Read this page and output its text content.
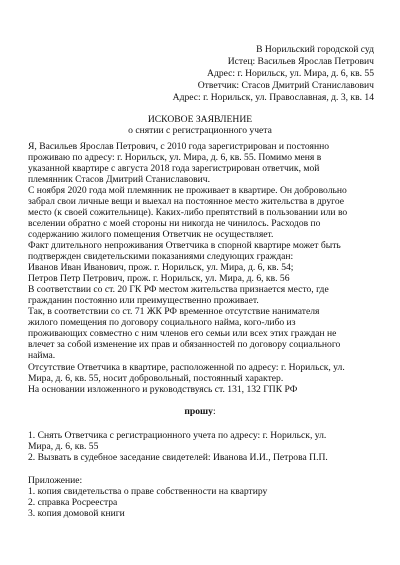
В Норильский городской суд
Истец: Васильев Ярослав Петрович
Адрес: г. Норильск, ул. Мира, д. 6, кв. 55
Ответчик: Стасов Дмитрий Станиславович
Адрес: г. Норильск, ул. Православная, д. 3, кв. 14
ИСКОВОЕ ЗАЯВЛЕНИЕ
о снятии с регистрационного учета
Я, Васильев Ярослав Петрович, с 2010 года зарегистрирован и постоянно
проживаю по адресу: г. Норильск, ул. Мира, д. 6, кв. 55. Помимо меня в
указанной квартире с августа 2018 года зарегистрирован ответчик, мой
племянник Стасов Дмитрий Станиславович.
С ноября 2020 года мой племянник не проживает в квартире. Он добровольно
забрал свои личные вещи и выехал на постоянное место жительства в другое
место (к своей сожительнице). Каких-либо препятствий в пользовании или во
вселении обратно с моей стороны ни никогда не чинилось. Расходов по
содержанию жилого помещения Ответчик не осуществляет.
Факт длительного непроживания Ответчика в спорной квартире может быть
подтвержден свидетельскими показаниями следующих граждан:
Иванов Иван Иванович, прож. г. Норильск, ул. Мира, д. 6, кв. 54;
Петров Петр Петрович, прож. г. Норильск, ул. Мира, д. 6, кв. 56
В соответствии со ст. 20 ГК РФ местом жительства признается место, где
гражданин постоянно или преимущественно проживает.
Так, в соответствии со ст. 71 ЖК РФ временное отсутствие нанимателя
жилого помещения по договору социального найма, кого-либо из
проживающих совместно с ним членов его семьи или всех этих граждан не
влечет за собой изменение их прав и обязанностей по договору социального
найма.
Отсутствие Ответчика в квартире, расположенной по адресу: г. Норильск, ул.
Мира, д. 6, кв. 55, носит добровольный, постоянный характер.
На основании изложенного и руководствуясь ст. 131, 132 ГПК РФ
прошу:
1. Снять Ответчика с регистрационного учета по адресу: г. Норильск, ул.
Мира, д. 6, кв. 55
2. Вызвать в судебное заседание свидетелей: Иванова И.И., Петрова П.П.
Приложение:
1. копия свидетельства о праве собственности на квартиру
2. справка Росреестра
3. копия домовой книги
